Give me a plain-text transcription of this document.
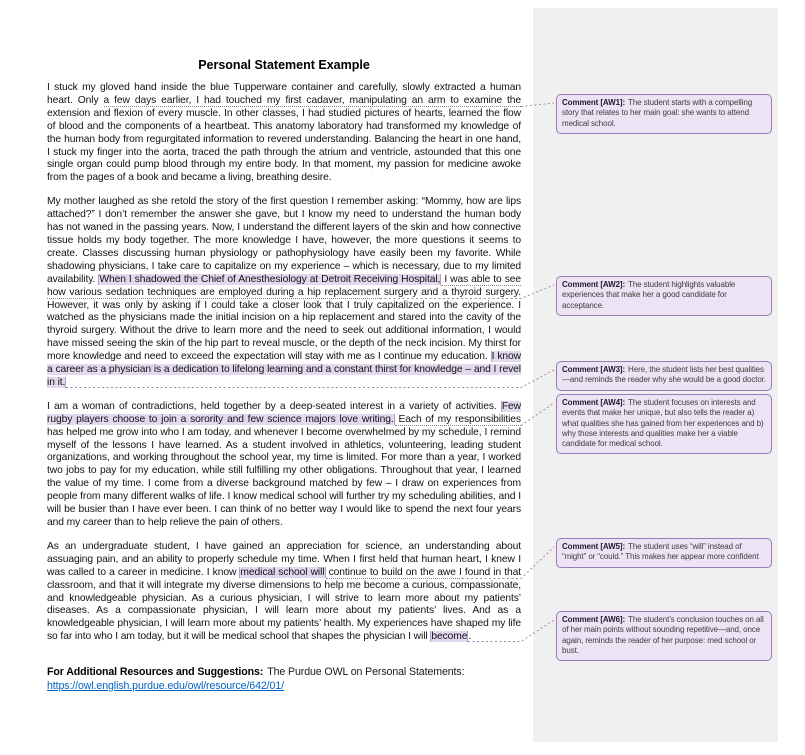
Personal Statement Example

I stuck my gloved hand inside the blue Tupperware container and carefully, slowly extracted a human heart. Only a few days earlier, I had touched my first cadaver, manipulating an arm to examine the extension and flexion of every muscle. In other classes, I had studied pictures of hearts, learned the flow of blood and the components of a heartbeat. This anatomy laboratory had transformed my knowledge of the human body from regurgitated information to revered understanding. Balancing the heart in one hand, I stuck my finger into the aorta, traced the path through the atrium and ventricle, astounded that this one single organ could pump blood through my entire body. In that moment, my passion for medicine awoke from the pages of a book and became a living, breathing desire.

My mother laughed as she retold the story of the first question I remember asking: “Mommy, how are lips attached?” I don’t remember the answer she gave, but I know my need to understand the human body has not waned in the passing years. Now, I understand the different layers of the skin and how connective tissue holds my body together. The more knowledge I have, however, the more questions it seems to create. Classes discussing human physiology or pathophysiology have easily been my favorite. While shadowing physicians, I take care to capitalize on my experience – which is necessary, due to my limited availability. When I shadowed the Chief of Anesthesiology at Detroit Receiving Hospital, I was able to see how various sedation techniques are employed during a hip replacement surgery and a thyroid surgery. However, it was only by asking if I could take a closer look that I truly capitalized on the experience. I watched as the physicians made the initial incision on a hip replacement and stared into the cavity of the thyroid surgery. Without the drive to learn more and the need to seek out additional information, I would have missed seeing the skin of the hip part to reveal muscle, or the depth of the neck incision. My thirst for more knowledge and need to exceed the expectation will stay with me as I continue my education. I know a career as a physician is a dedication to lifelong learning and a constant thirst for knowledge – and I revel in it.

I am a woman of contradictions, held together by a deep-seated interest in a variety of activities. Few rugby players choose to join a sorority and few science majors love writing. Each of my responsibilities has helped me grow into who I am today, and whenever I become overwhelmed by my schedule, I remind myself of the lessons I have learned. As a student involved in athletics, volunteering, leading student organizations, and working throughout the school year, my time is limited. For more than a year, I worked two jobs to pay for my education, while still fulfilling my other obligations. Throughout that year, I learned the value of my time. I come from a diverse background matched by few – I draw on experiences from people from many different walks of life. I know medical school will further try my scheduling abilities, and I will be busier than I have ever been. I can think of no better way I would like to spend the next four years and my career than to help relieve the pain of others.

As an undergraduate student, I have gained an appreciation for science, an understanding about assuaging pain, and an ability to properly schedule my time. When I first held that human heart, I knew I was called to a career in medicine. I know medical school will continue to build on the awe I found in that classroom, and that it will integrate my diverse dimensions to help me become a curious, compassionate, and knowledgeable physician. As a curious physician, I will strive to learn more about my patients’ diseases. As a compassionate physician, I will learn more about my patients’ lives. And as a knowledgeable physician, I will learn more about my patients’ health. My experiences have shaped my life so far into who I am today, but it will be medical school that shapes the physician I will become.

For Additional Resources and Suggestions: The Purdue OWL on Personal Statements:
https://owl.english.purdue.edu/owl/resource/642/01/

Comment [AW1]: The student starts with a compelling story that relates to her main goal: she wants to attend medical school.
Comment [AW2]: The student highlights valuable experiences that make her a good candidate for acceptance.
Comment [AW3]: Here, the student lists her best qualities—and reminds the reader why she would be a good doctor.
Comment [AW4]: The student focuses on interests and events that make her unique, but also tells the reader a) what qualities she has gained from her experiences and b) why those interests and qualities make her a viable candidate for medical school.
Comment [AW5]: The student uses “will” instead of “might” or “could.” This makes her appear more confident
Comment [AW6]: The student’s conclusion touches on all of her main points without sounding repetitive—and, once again, reminds the reader of her purpose: med school or bust.
